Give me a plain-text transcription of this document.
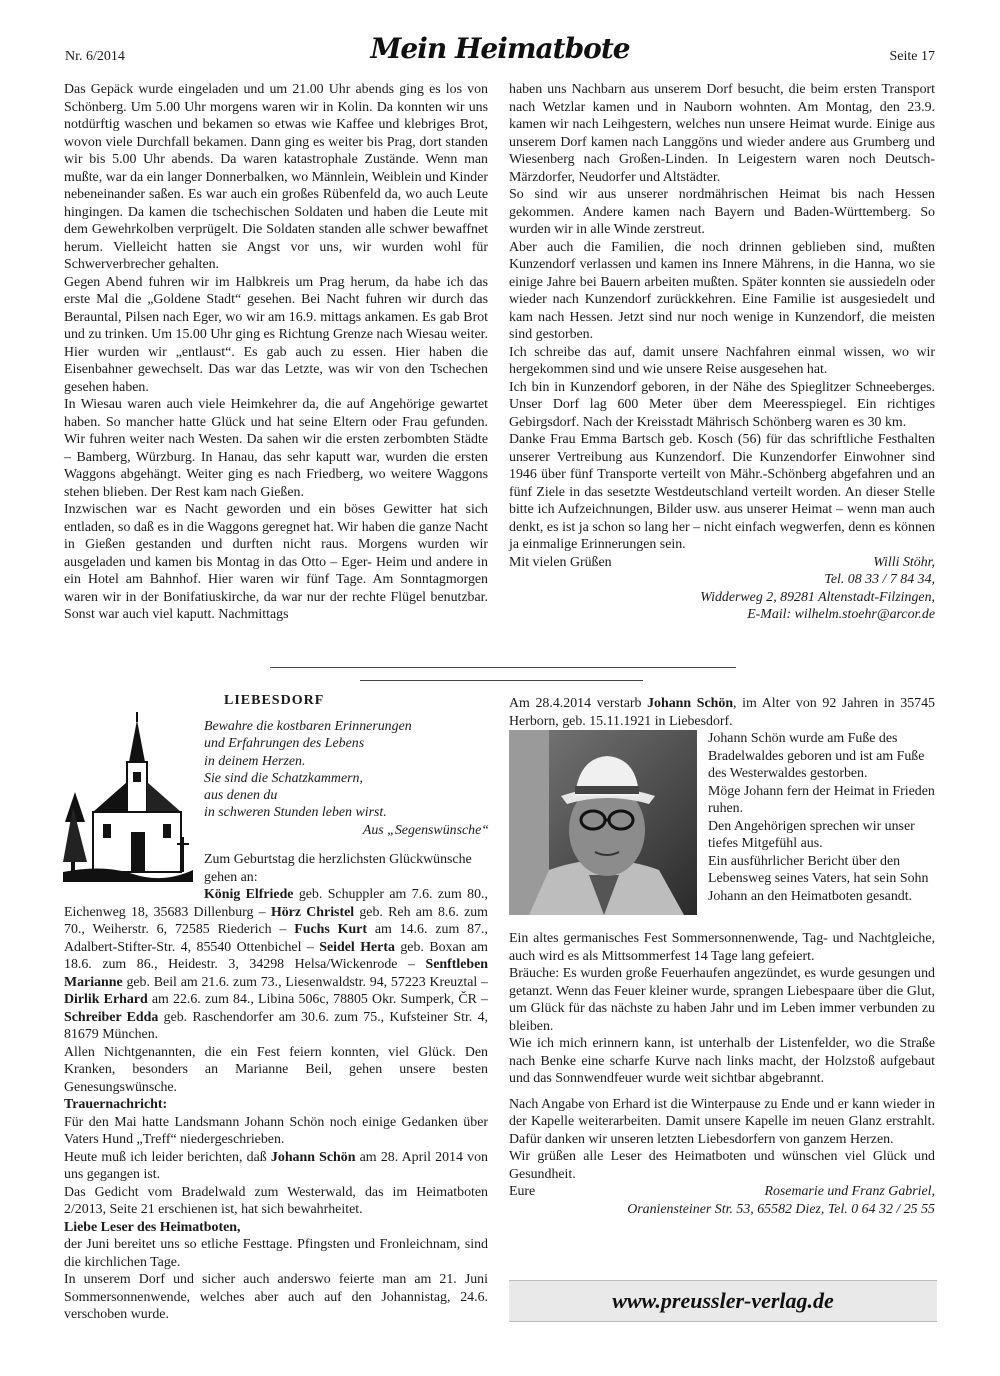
Nr. 6/2014	Mein Heimatbote	Seite 17

Das Gepäck wurde eingeladen und um 21.00 Uhr abends ging es los von Schönberg. Um 5.00 Uhr morgens waren wir in Kolin. Da konnten wir uns notdürftig waschen und bekamen so etwas wie Kaffee und klebriges Brot, wovon viele Durchfall bekamen. Dann ging es weiter bis Prag, dort standen wir bis 5.00 Uhr abends. Da waren katastrophale Zustände. Wenn man mußte, war da ein langer Donnerbalken, wo Männlein, Weiblein und Kinder nebeneinander saßen. Es war auch ein großes Rübenfeld da, wo auch Leute hingingen. Da kamen die tschechischen Soldaten und haben die Leute mit dem Gewehrkolben verprügelt. Die Soldaten standen alle schwer bewaffnet herum. Vielleicht hatten sie Angst vor uns, wir wurden wohl für Schwerverbrecher gehalten.

Gegen Abend fuhren wir im Halbkreis um Prag herum, da habe ich das erste Mal die „Goldene Stadt“ gesehen. Bei Nacht fuhren wir durch das Berauntal, Pilsen nach Eger, wo wir am 16.9. mittags ankamen. Es gab Brot und zu trinken. Um 15.00 Uhr ging es Richtung Grenze nach Wiesau weiter. Hier wurden wir „entlaust“. Es gab auch zu essen. Hier haben die Eisenbahner gewechselt. Das war das Letzte, was wir von den Tschechen gesehen haben.

In Wiesau waren auch viele Heimkehrer da, die auf Angehörige gewartet haben. So mancher hatte Glück und hat seine Eltern oder Frau gefunden. Wir fuhren weiter nach Westen. Da sahen wir die ersten zerbombten Städte – Bamberg, Würzburg. In Hanau, das sehr kaputt war, wurden die ersten Waggons abgehängt. Weiter ging es nach Friedberg, wo weitere Waggons stehen blieben. Der Rest kam nach Gießen.

Inzwischen war es Nacht geworden und ein böses Gewitter hat sich entladen, so daß es in die Waggons geregnet hat. Wir haben die ganze Nacht in Gießen gestanden und durften nicht raus. Morgens wurden wir ausgeladen und kamen bis Montag in das Otto – Eger- Heim und andere in ein Hotel am Bahnhof. Hier waren wir fünf Tage. Am Sonntagmorgen waren wir in der Bonifatiuskirche, da war nur der rechte Flügel benutzbar. Sonst war auch viel kaputt. Nachmittags

haben uns Nachbarn aus unserem Dorf besucht, die beim ersten Transport nach Wetzlar kamen und in Nauborn wohnten. Am Montag, den 23.9. kamen wir nach Leihgestern, welches nun unsere Heimat wurde. Einige aus unserem Dorf kamen nach Langgöns und wieder andere aus Grumberg und Wiesenberg nach Großen-Linden. In Leigestern waren noch Deutsch-Märzdorfer, Neudorfer und Altstädter.

So sind wir aus unserer nordmährischen Heimat bis nach Hessen gekommen. Andere kamen nach Bayern und Baden-Württemberg. So wurden wir in alle Winde zerstreut.

Aber auch die Familien, die noch drinnen geblieben sind, mußten Kunzendorf verlassen und kamen ins Innere Mährens, in die Hanna, wo sie einige Jahre bei Bauern arbeiten mußten. Später konnten sie aussiedeln oder wieder nach Kunzendorf zurückkehren. Eine Familie ist ausgesiedelt und kam nach Hessen. Jetzt sind nur noch wenige in Kunzendorf, die meisten sind gestorben.

Ich schreibe das auf, damit unsere Nachfahren einmal wissen, wo wir hergekommen sind und wie unsere Reise ausgesehen hat.

Ich bin in Kunzendorf geboren, in der Nähe des Spieglitzer Schneeberges. Unser Dorf lag 600 Meter über dem Meeresspiegel. Ein richtiges Gebirgsdorf. Nach der Kreisstadt Mährisch Schönberg waren es 30 km.

Danke Frau Emma Bartsch geb. Kosch (56) für das schriftliche Festhalten unserer Vertreibung aus Kunzendorf. Die Kunzendorfer Einwohner sind 1946 über fünf Transporte verteilt von Mähr.-Schönberg abgefahren und an fünf Ziele in das sesetzte Westdeutschland verteilt worden. An dieser Stelle bitte ich Aufzeichnungen, Bilder usw. aus unserer Heimat – wenn man auch denkt, es ist ja schon so lang her – nicht einfach wegwerfen, denn es können ja einmalige Erinnerungen sein.

Mit vielen Grüßen	Willi Stöhr,

Tel. 08 33 / 7 84 34,

Widderweg 2, 89281 Altenstadt-Filzingen,

E-Mail: wilhelm.stoehr@arcor.de

LIEBESDORF

Bewahre die kostbaren Erinnerungen

und Erfahrungen des Lebens

in deinem Herzen.

Sie sind die Schatzkammern,

aus denen du

in schweren Stunden leben wirst.

Aus „Segenswünsche“

Zum Geburtstag die herzlichsten Glückwünsche gehen an:

König Elfriede geb. Schuppler am 7.6. zum 80., Eichenweg 18, 35683 Dillenburg – Hörz Christel geb. Reh am 8.6. zum 70., Weiherstr. 6, 72585 Riederich – Fuchs Kurt am 14.6. zum 87., Adalbert-Stifter-Str. 4, 85540 Ottenbichel – Seidel Herta geb. Boxan am 18.6. zum 86., Heidestr. 3, 34298 Helsa/Wickenrode – Senftleben Marianne geb. Beil am 21.6. zum 73., Liesenwaldstr. 94, 57223 Kreuztal – Dirlik Erhard am 22.6. zum 84., Libina 506c, 78805 Okr. Sumperk, ČR – Schreiber Edda geb. Raschendorfer am 30.6. zum 75., Kufsteiner Str. 4, 81679 München.

Allen Nichtgenannten, die ein Fest feiern konnten, viel Glück. Den Kranken, besonders an Marianne Beil, gehen unsere besten Genesungswünsche.

Trauernachricht:

Für den Mai hatte Landsmann Johann Schön noch einige Gedanken über Vaters Hund „Treff“ niedergeschrieben.

Heute muß ich leider berichten, daß Johann Schön am 28. April 2014 von uns gegangen ist.

Das Gedicht vom Bradelwald zum Westerwald, das im Heimatboten 2/2013, Seite 21 erschienen ist, hat sich bewahrheitet.

Liebe Leser des Heimatboten,

der Juni bereitet uns so etliche Festtage. Pfingsten und Fronleichnam, sind die kirchlichen Tage.

In unserem Dorf und sicher auch anderswo feierte man am 21. Juni Sommersonnenwende, welches aber auch auf den Johannistag, 24.6. verschoben wurde.

Am 28.4.2014 verstarb Johann Schön, im Alter von 92 Jahren in 35745 Herborn, geb. 15.11.1921 in Liebesdorf.

Johann Schön wurde am Fuße des Bradelwaldes geboren und ist am Fuße des Westerwaldes gestorben.

Möge Johann fern der Heimat in Frieden ruhen.

Den Angehörigen sprechen wir unser tiefes Mitgefühl aus.

Ein ausführlicher Bericht über den Lebensweg seines Vaters, hat sein Sohn Johann an den Heimatboten gesandt.

Ein altes germanisches Fest Sommersonnenwende, Tag- und Nachtgleiche, auch wird es als Mittsommerfest 14 Tage lang gefeiert.

Bräuche: Es wurden große Feuerhaufen angezündet, es wurde gesungen und getanzt. Wenn das Feuer kleiner wurde, sprangen Liebespaare über die Glut, um Glück für das nächste zu haben Jahr und im Leben immer verbunden zu bleiben.

Wie ich mich erinnern kann, ist unterhalb der Listenfelder, wo die Straße nach Benke eine scharfe Kurve nach links macht, der Holzstoß aufgebaut und das Sonnwendfeuer wurde weit sichtbar abgebrannt.

Nach Angabe von Erhard ist die Winterpause zu Ende und er kann wieder in der Kapelle weiterarbeiten. Damit unsere Kapelle im neuen Glanz erstrahlt. Dafür danken wir unseren letzten Liebesdorfern von ganzem Herzen.

Wir grüßen alle Leser des Heimatboten und wünschen viel Glück und Gesundheit.

Eure	Rosemarie und Franz Gabriel,

Oraniensteiner Str. 53, 65582 Diez, Tel. 0 64 32 / 25 55

www.preussler-verlag.de
